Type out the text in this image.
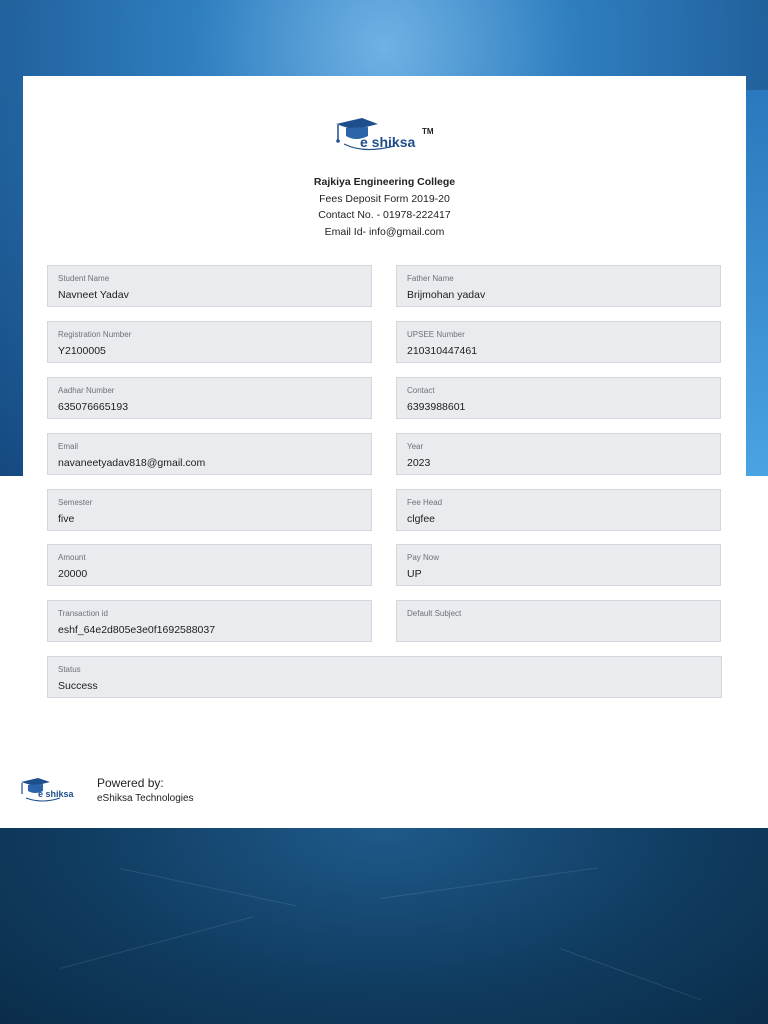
e shiksa
TM
Rajkiya Engineering College
Fees Deposit Form 2019-20
Contact No. - 01978-222417
Email Id- info@gmail.com
Student Name
Navneet Yadav
Father Name
Brijmohan yadav
Registration Number
Y2100005
UPSEE Number
210310447461
Aadhar Number
635076665193
Contact
6393988601
Email
navaneetyadav818@gmail.com
Year
2023
Semester
five
Fee Head
clgfee
Amount
20000
Pay Now
UP
Transaction id
eshf_64e2d805e3e0f1692588037
Default Subject
Status
Success
e shiksa
Powered by:
eShiksa Technologies
